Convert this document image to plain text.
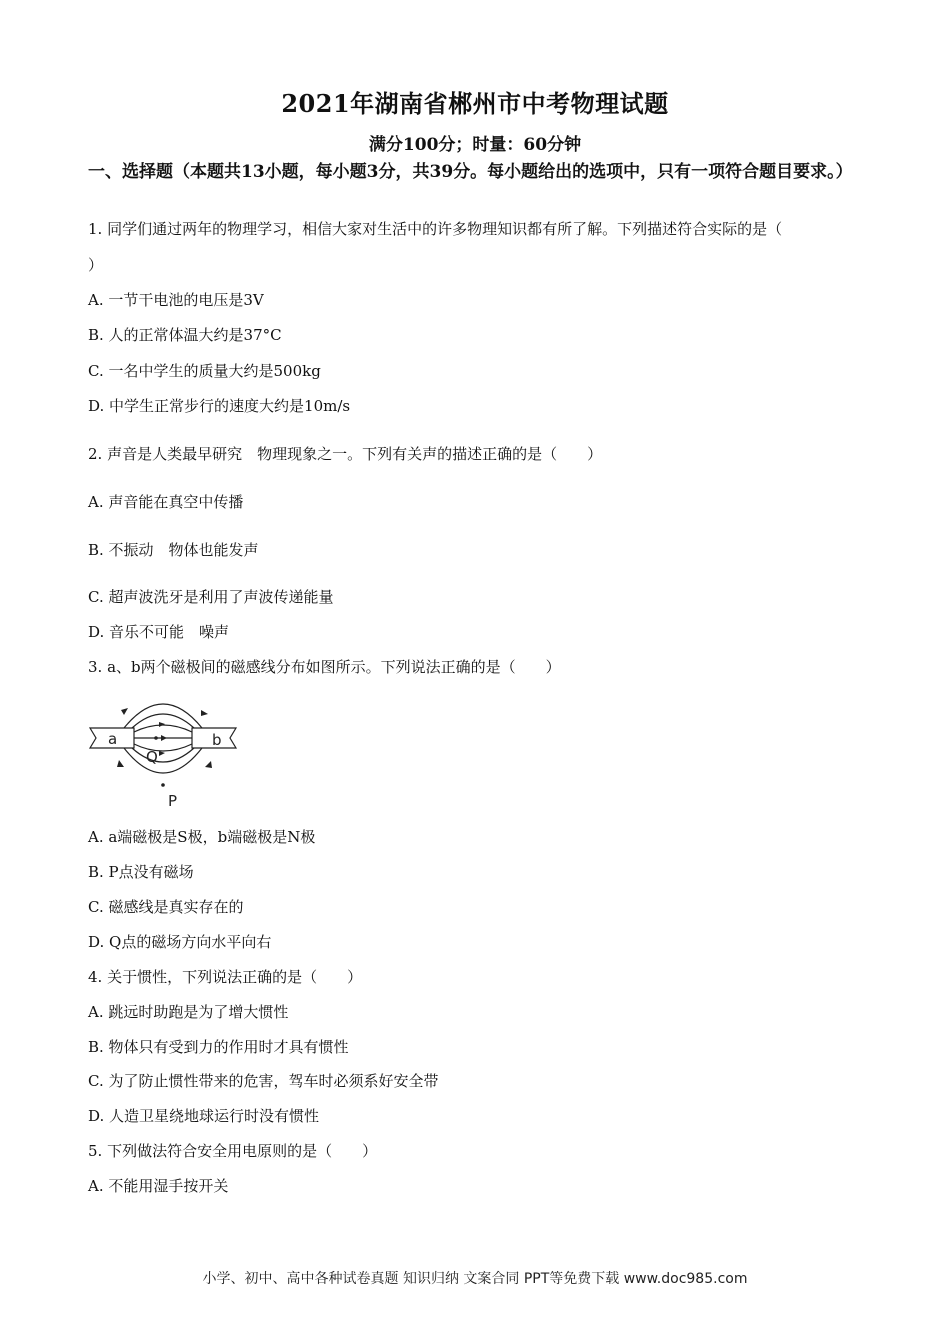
2021年湖南省郴州市中考物理试题
满分100分；时量：60分钟
一、选择题（本题共13小题，每小题3分，共39分。每小题给出的选项中，只有一项符合题目要求。）
1. 同学们通过两年的物理学习，相信大家对生活中的许多物理知识都有所了解。下列描述符合实际的是（
）
A. 一节干电池的电压是3V
B. 人的正常体温大约是37°C
C. 一名中学生的质量大约是500kg
D. 中学生正常步行的速度大约是10m/s
2. 声音是人类最早研究　物理现象之一。下列有关声的描述正确的是（　　）
A. 声音能在真空中传播
B. 不振动　物体也能发声
C. 超声波洗牙是利用了声波传递能量
D. 音乐不可能　噪声
3. a、b两个磁极间的磁感线分布如图所示。下列说法正确的是（　　）
a	b
Q
P
A. a端磁极是S极，b端磁极是N极
B. P点没有磁场
C. 磁感线是真实存在的
D. Q点的磁场方向水平向右
4. 关于惯性，下列说法正确的是（　　）
A. 跳远时助跑是为了增大惯性
B. 物体只有受到力的作用时才具有惯性
C. 为了防止惯性带来的危害，驾车时必须系好安全带
D. 人造卫星绕地球运行时没有惯性
5. 下列做法符合安全用电原则的是（　　）
A. 不能用湿手按开关
小学、初中、高中各种试卷真题 知识归纳 文案合同 PPT等免费下载 www.doc985.com
